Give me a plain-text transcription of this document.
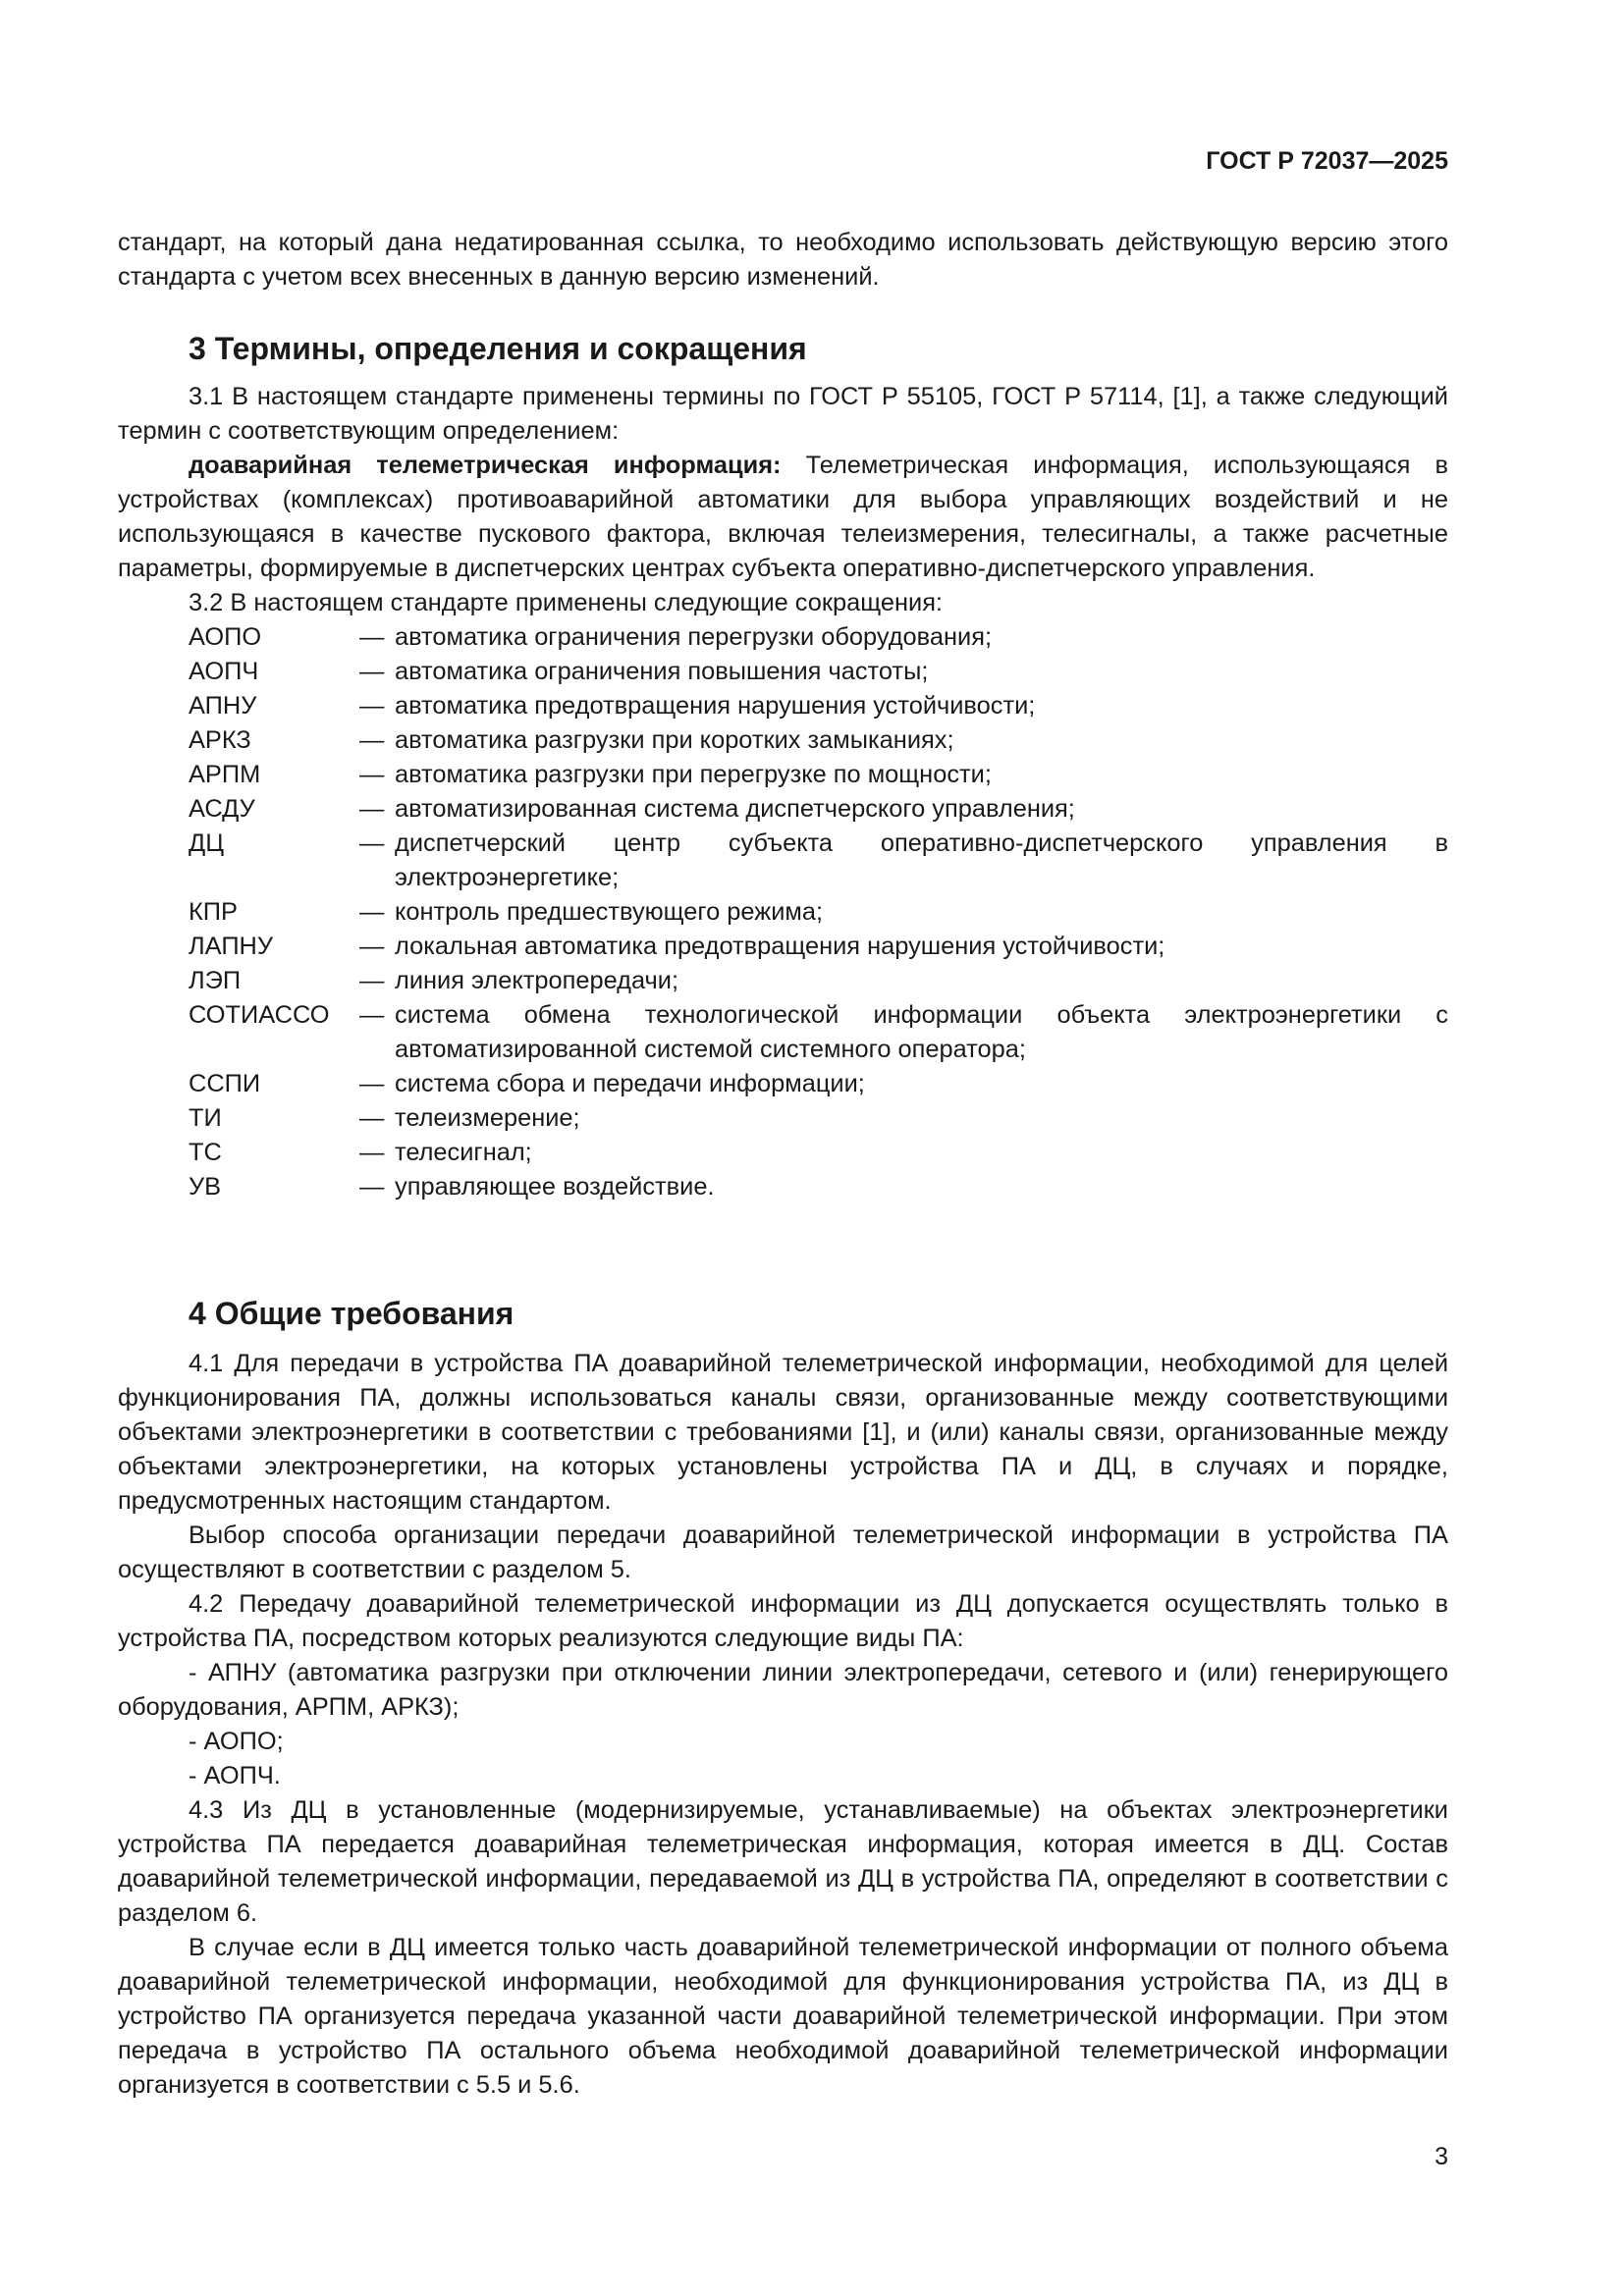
ГОСТ Р 72037—2025

стандарт, на который дана недатированная ссылка, то необходимо использовать действующую версию этого стандарта с учетом всех внесенных в данную версию изменений.

3 Термины, определения и сокращения

3.1 В настоящем стандарте применены термины по ГОСТ Р 55105, ГОСТ Р 57114, [1], а также следующий термин с соответствующим определением:

доаварийная телеметрическая информация: Телеметрическая информация, использующаяся в устройствах (комплексах) противоаварийной автоматики для выбора управляющих воздействий и не использующаяся в качестве пускового фактора, включая телеизмерения, телесигналы, а также расчетные параметры, формируемые в диспетчерских центрах субъекта оперативно-диспетчерского управления.

3.2 В настоящем стандарте применены следующие сокращения:

АОПО	—	автоматика ограничения перегрузки оборудования;
АОПЧ	—	автоматика ограничения повышения частоты;
АПНУ	—	автоматика предотвращения нарушения устойчивости;
АРКЗ	—	автоматика разгрузки при коротких замыканиях;
АРПМ	—	автоматика разгрузки при перегрузке по мощности;
АСДУ	—	автоматизированная система диспетчерского управления;
ДЦ	—	диспетчерский центр субъекта оперативно-диспетчерского управления в электроэнергетике;
КПР	—	контроль предшествующего режима;
ЛАПНУ	—	локальная автоматика предотвращения нарушения устойчивости;
ЛЭП	—	линия электропередачи;
СОТИАССО	—	система обмена технологической информации объекта электроэнергетики с автоматизированной системой системного оператора;
ССПИ	—	система сбора и передачи информации;
ТИ	—	телеизмерение;
ТС	—	телесигнал;
УВ	—	управляющее воздействие.
4 Общие требования

4.1 Для передачи в устройства ПА доаварийной телеметрической информации, необходимой для целей функционирования ПА, должны использоваться каналы связи, организованные между соответствующими объектами электроэнергетики в соответствии с требованиями [1], и (или) каналы связи, организованные между объектами электроэнергетики, на которых установлены устройства ПА и ДЦ, в случаях и порядке, предусмотренных настоящим стандартом.

Выбор способа организации передачи доаварийной телеметрической информации в устройства ПА осуществляют в соответствии с разделом 5.

4.2 Передачу доаварийной телеметрической информации из ДЦ допускается осуществлять только в устройства ПА, посредством которых реализуются следующие виды ПА:

- АПНУ (автоматика разгрузки при отключении линии электропередачи, сетевого и (или) генерирующего оборудования, АРПМ, АРКЗ);

- АОПО;

- АОПЧ.

4.3 Из ДЦ в установленные (модернизируемые, устанавливаемые) на объектах электроэнергетики устройства ПА передается доаварийная телеметрическая информация, которая имеется в ДЦ. Состав доаварийной телеметрической информации, передаваемой из ДЦ в устройства ПА, определяют в соответствии с разделом 6.

В случае если в ДЦ имеется только часть доаварийной телеметрической информации от полного объема доаварийной телеметрической информации, необходимой для функционирования устройства ПА, из ДЦ в устройство ПА организуется передача указанной части доаварийной телеметрической информации. При этом передача в устройство ПА остального объема необходимой доаварийной телеметрической информации организуется в соответствии с 5.5 и 5.6.

3
